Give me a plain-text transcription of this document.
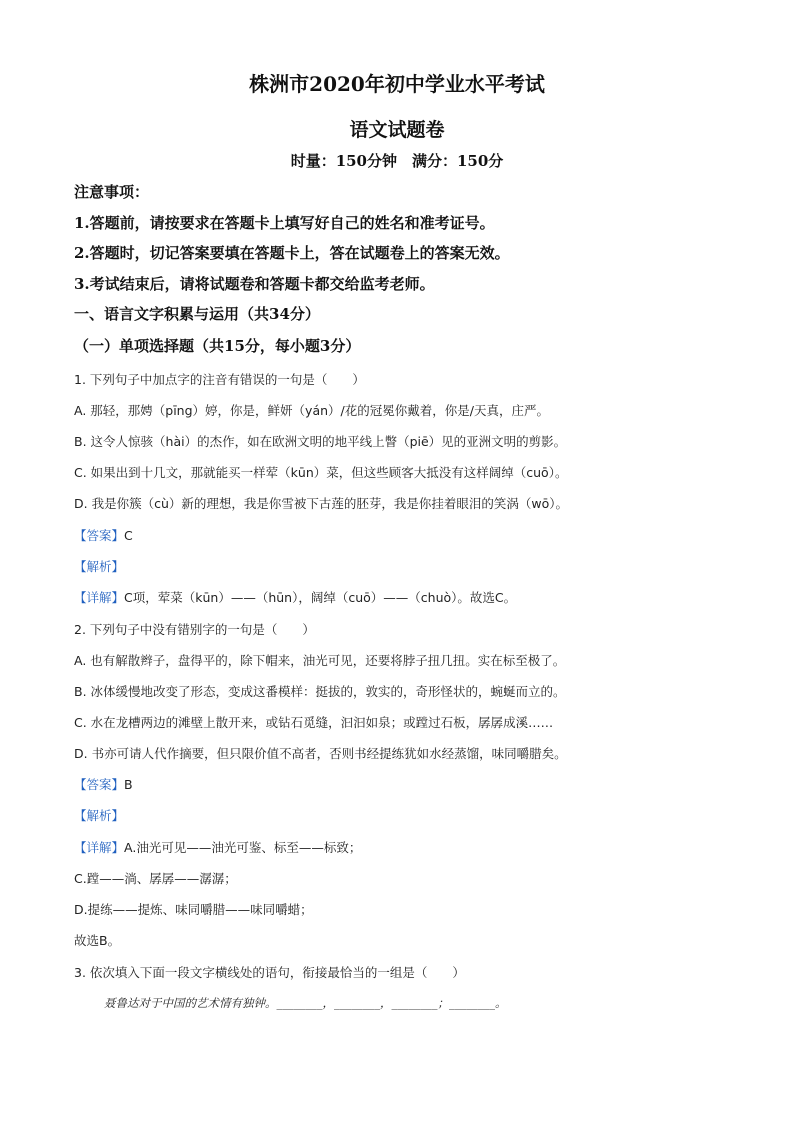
株洲市2020年初中学业水平考试
语文试题卷
时量：150分钟　满分：150分
注意事项：
1.答题前，请按要求在答题卡上填写好自己的姓名和准考证号。
2.答题时，切记答案要填在答题卡上，答在试题卷上的答案无效。
3.考试结束后，请将试题卷和答题卡都交给监考老师。
一、语言文字积累与运用（共34分）
（一）单项选择题（共15分，每小题3分）
1. 下列句子中加点字的注音有错误的一句是（　　）
A. 那轻，那娉（pīng）婷，你是，鲜妍（yán）/花的冠冕你戴着，你是/天真，庄严。
B. 这令人惊骇（hài）的杰作，如在欧洲文明的地平线上瞥（piē）见的亚洲文明的剪影。
C. 如果出到十几文，那就能买一样荤（kūn）菜，但这些顾客大抵没有这样阔绰（cuō）。
D. 我是你簇（cù）新的理想，我是你雪被下古莲的胚芽，我是你挂着眼泪的笑涡（wō）。
【答案】C
【解析】
【详解】C项，荤菜（kūn）——（hūn），阔绰（cuō）——（chuò）。故选C。
2. 下列句子中没有错别字的一句是（　　）
A. 也有解散辫子，盘得平的，除下帽来，油光可见，还要将脖子扭几扭。实在标至极了。
B. 冰体缓慢地改变了形态，变成这番模样：挺拔的，敦实的，奇形怪状的，蜿蜒而立的。
C. 水在龙槽两边的滩壁上散开来，或钻石觅缝，汩汩如泉；或蹚过石板，孱孱成溪……
D. 书亦可请人代作摘要，但只限价值不高者，否则书经提练犹如水经蒸馏，味同嚼腊矣。
【答案】B
【解析】
【详解】A.油光可见——油光可鉴、标至——标致；
C.蹚——淌、孱孱——潺潺；
D.提练——提炼、味同嚼腊——味同嚼蜡；
故选B。
3. 依次填入下面一段文字横线处的语句，衔接最恰当的一组是（　　）
聂鲁达对于中国的艺术情有独钟。________，________，________；________。
